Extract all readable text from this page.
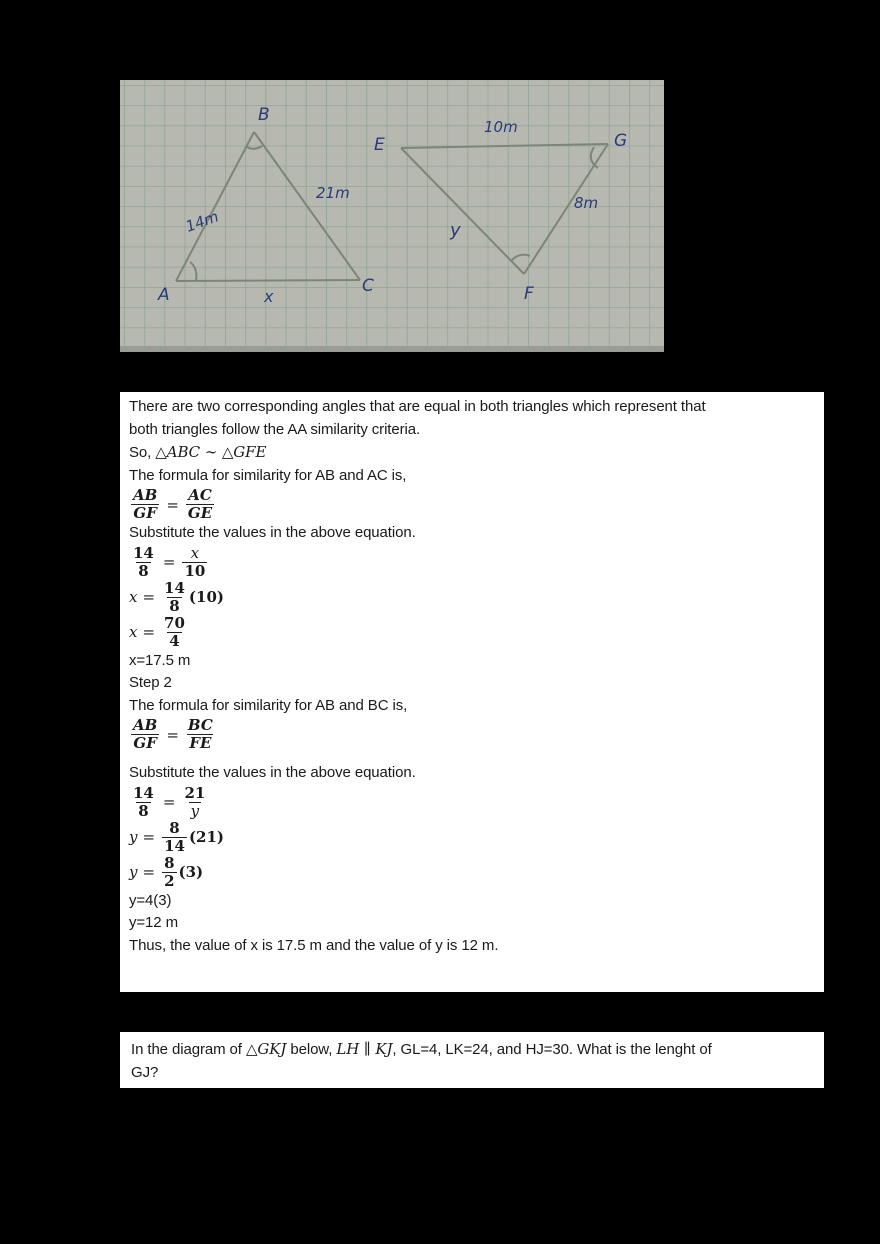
B
A	C
E
F
G
14m
21m
x
10m
8m
y
There are two corresponding angles that are equal in both triangles which represent that
both triangles follow the AA similarity criteria.
So, △ABC ∼ △GFE
The formula for similarity for AB and AC is,
$\frac{AB}{GF} = \frac{AC}{GE}$
Substitute the values in the above equation.
$\frac{14}{8} = \frac{x}{10}$
$x = \frac{14}{8} (10)$
$x = \frac{70}{4}$
x=17.5 m
Step 2
The formula for similarity for AB and BC is,
$\frac{AB}{GF} = \frac{BC}{FE}$
Substitute the values in the above equation.
$\frac{14}{8} = \frac{21}{y}$
$y = \frac{8}{14} (21)$
$y = \frac{8}{2} (3)$
y=4(3)
y=12 m
Thus, the value of x is 17.5 m and the value of y is 12 m.
In the diagram of △GKJ below, LH ∥ KJ, GL=4, LK=24, and HJ=30. What is the lenght of
GJ?
